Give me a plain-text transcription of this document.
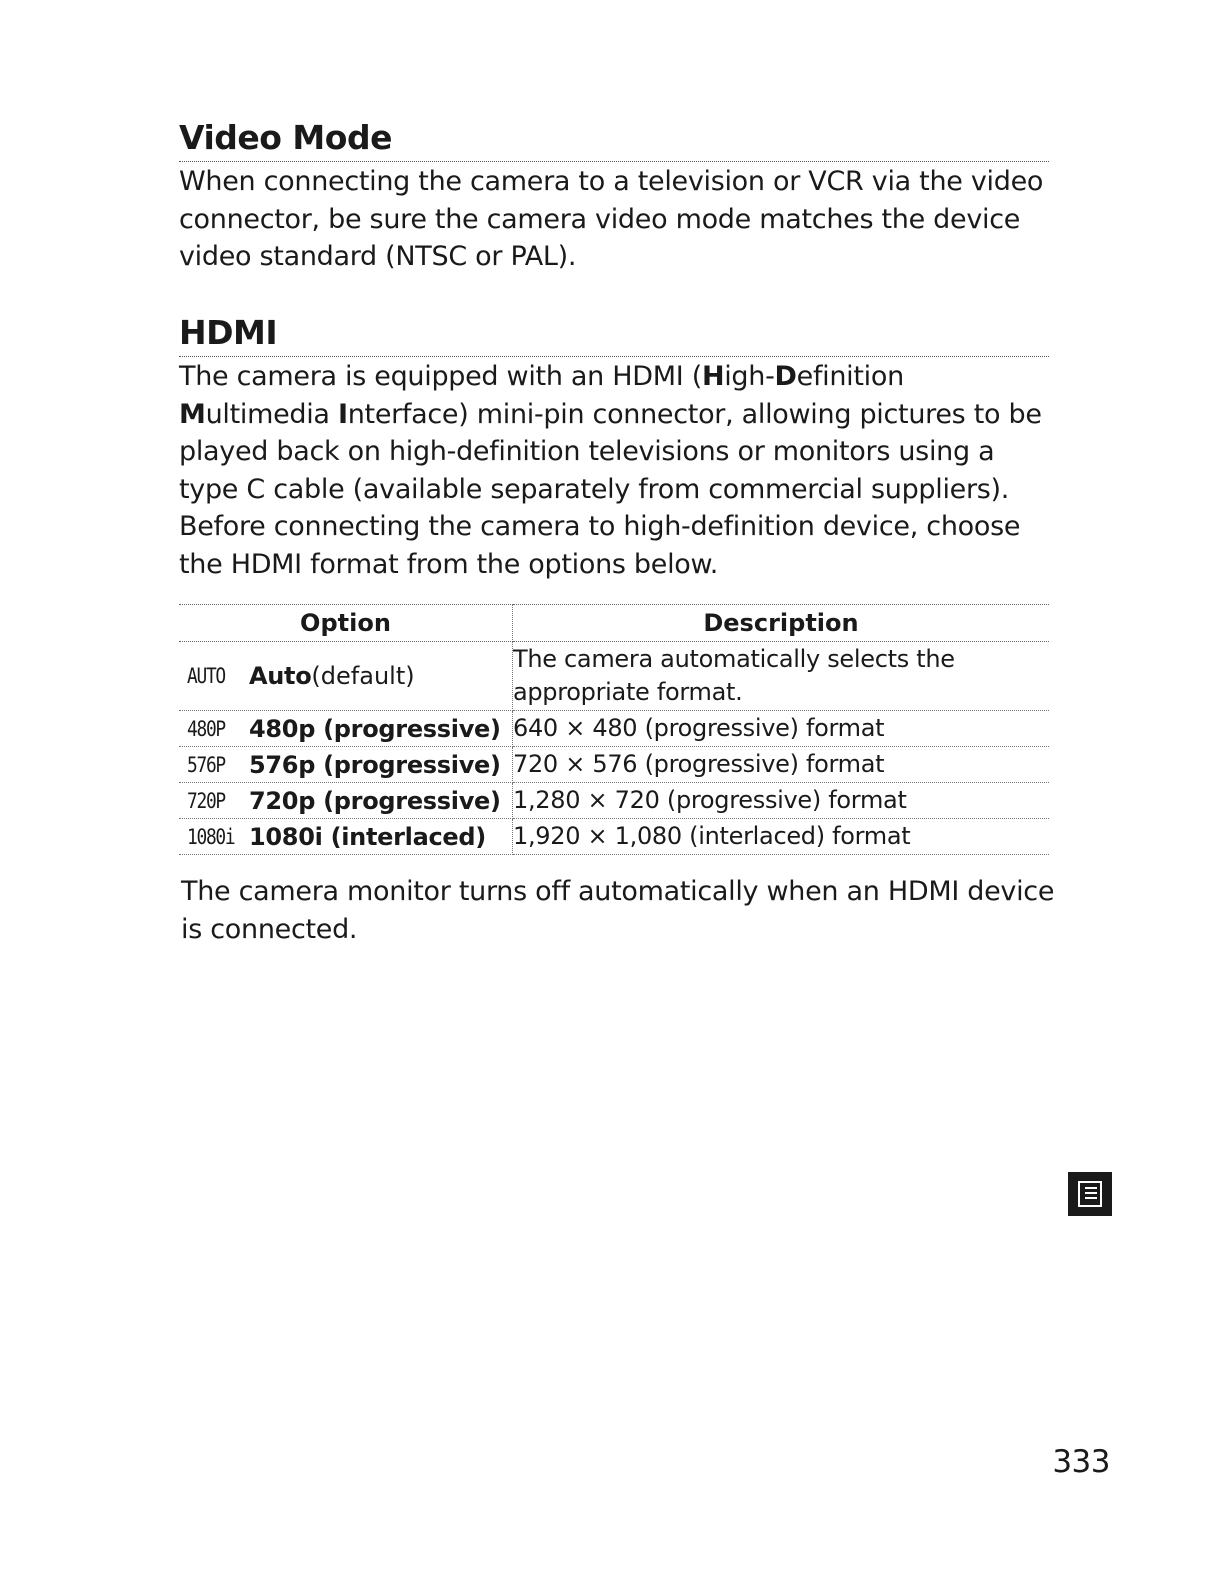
Video Mode

When connecting the camera to a television or VCR via the video connector, be sure the camera video mode matches the device video standard (NTSC or PAL).

HDMI

The camera is equipped with an HDMI (High-Definition Multimedia Interface) mini-pin connector, allowing pictures to be played back on high-definition televisions or monitors using a type C cable (available separately from commercial suppliers). Before connecting the camera to high-definition device, choose the HDMI format from the options below.

Option	Description

AUTO Auto (default)	The camera automatically selects the appropriate format.

480P 480p (progressive)	640 × 480 (progressive) format

576P 576p (progressive)	720 × 576 (progressive) format

720P 720p (progressive)	1,280 × 720 (progressive) format

1080i 1080i (interlaced)	1,920 × 1,080 (interlaced) format

The camera monitor turns off automatically when an HDMI device is connected.

333
